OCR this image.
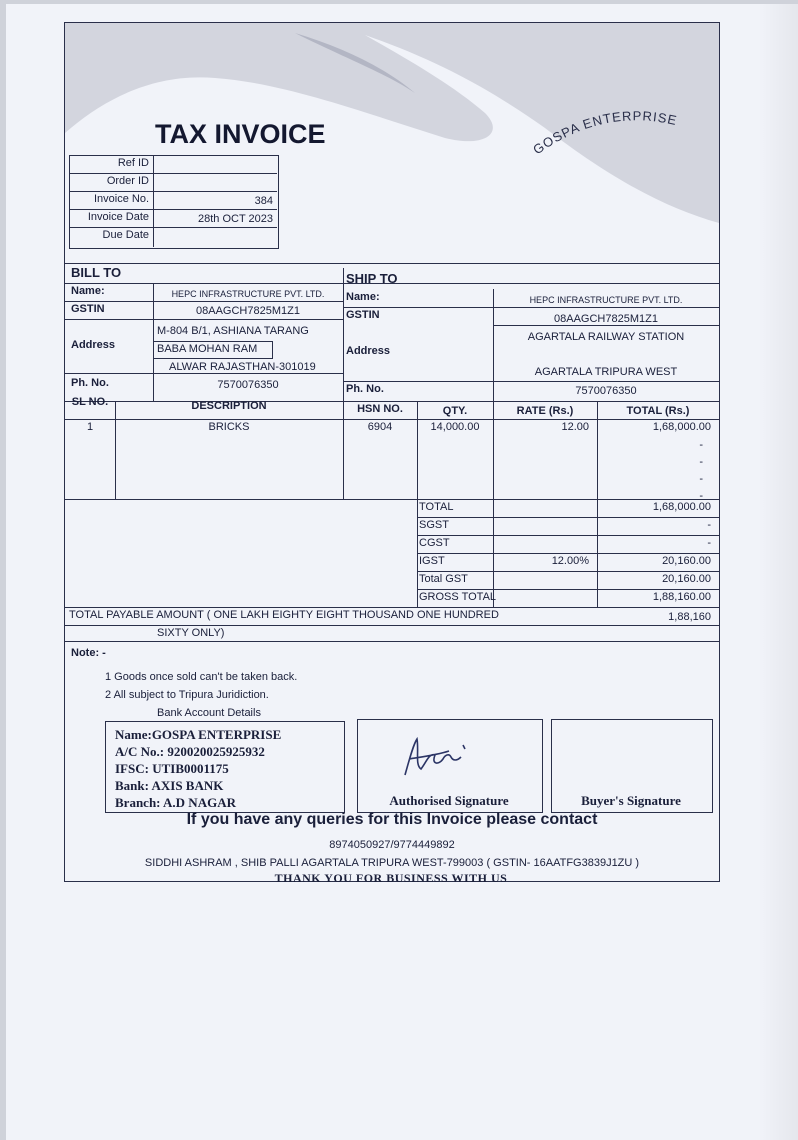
GOSPA ENTERPRISE
TAX INVOICE
Ref ID
Order ID
Invoice No.	384
Invoice Date	28th OCT 2023
Due Date
BILL TO	SHIP TO
Name:	HEPC INFRASTRUCTURE PVT. LTD.
GSTIN	08AAGCH7825M1Z1
Address
M-804 B/1, ASHIANA TARANG
BABA MOHAN RAM
ALWAR RAJASTHAN-301019
Ph. No.	7570076350
Name:	HEPC INFRASTRUCTURE PVT. LTD.
GSTIN	08AAGCH7825M1Z1
Address
AGARTALA RAILWAY STATION
AGARTALA TRIPURA WEST
Ph. No.	7570076350
SL NO.	DESCRIPTION	HSN NO.	QTY.	RATE (Rs.)	TOTAL (Rs.)
1	BRICKS	6904	14,000.00	12.00	1,68,000.00
-
-
-
-
TOTAL	1,68,000.00
SGST	-
CGST	-
IGST	12.00%	20,160.00
Total GST	20,160.00
GROSS TOTAL	1,88,160.00
TOTAL PAYABLE AMOUNT ( ONE LAKH EIGHTY EIGHT THOUSAND ONE HUNDRED
SIXTY ONLY)
1,88,160
Note: -
1 Goods once sold can't be taken back.
2 All subject to Tripura Juridiction.
Bank Account Details
Name:GOSPA ENTERPRISE
A/C No.: 920020025925932
IFSC: UTIB0001175
Bank: AXIS BANK
Branch: A.D NAGAR	Authorised Signature	Buyer's Signature
If you have any queries for this Invoice please contact
8974050927/9774449892
SIDDHI ASHRAM , SHIB PALLI AGARTALA TRIPURA WEST-799003 ( GSTIN- 16AATFG3839J1ZU )
THANK YOU FOR BUSINESS WITH US
